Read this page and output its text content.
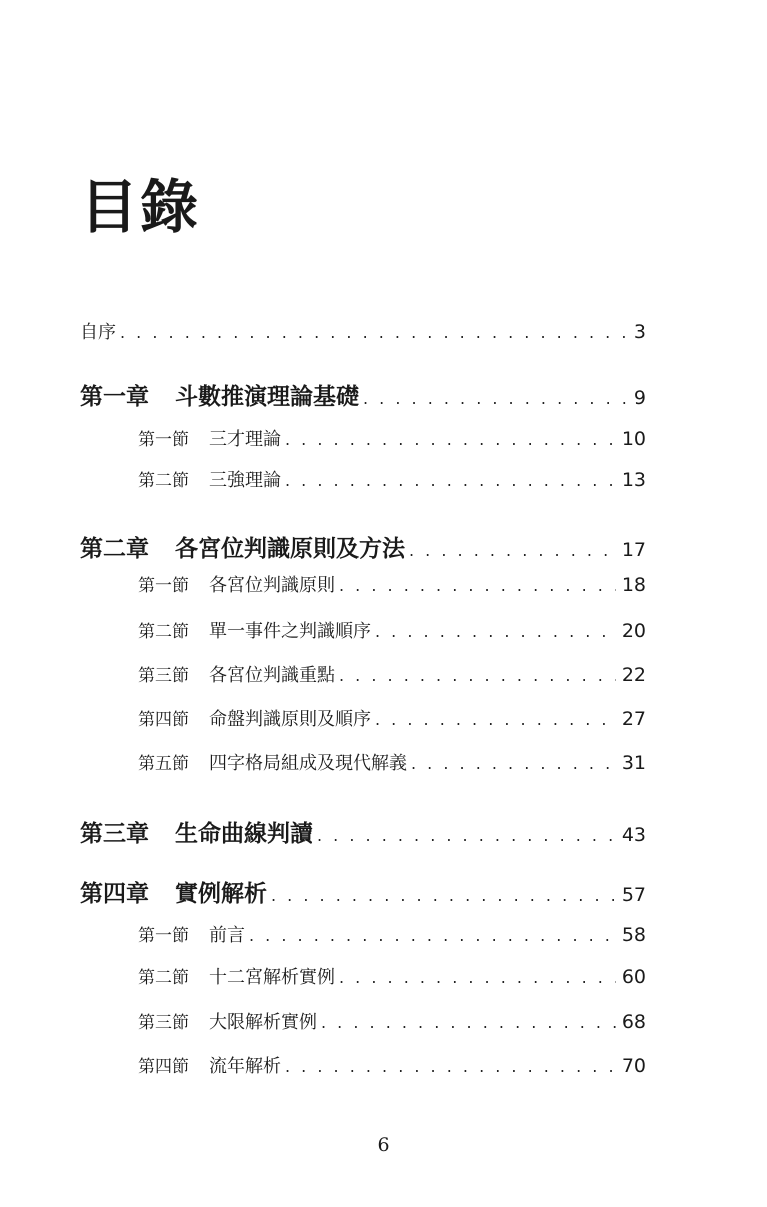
目錄
自序 . . .	3
第一章 斗數推演理論基礎 . . .	9
第一節 三才理論 . . .	10
第二節 三強理論 . . .	13
第二章 各宮位判識原則及方法 . . .	17
第一節 各宮位判識原則 . . .	18
第二節 單一事件之判識順序 . . .	20
第三節 各宮位判識重點 . . .	22
第四節 命盤判識原則及順序 . . .	27
第五節 四字格局組成及現代解義 . . .	31
第三章 生命曲線判讀 . . .	43
第四章 實例解析 . . .	57
第一節 前言 . . .	58
第二節 十二宮解析實例 . . .	60
第三節 大限解析實例 . . .	68
第四節 流年解析 . . .	70
6
